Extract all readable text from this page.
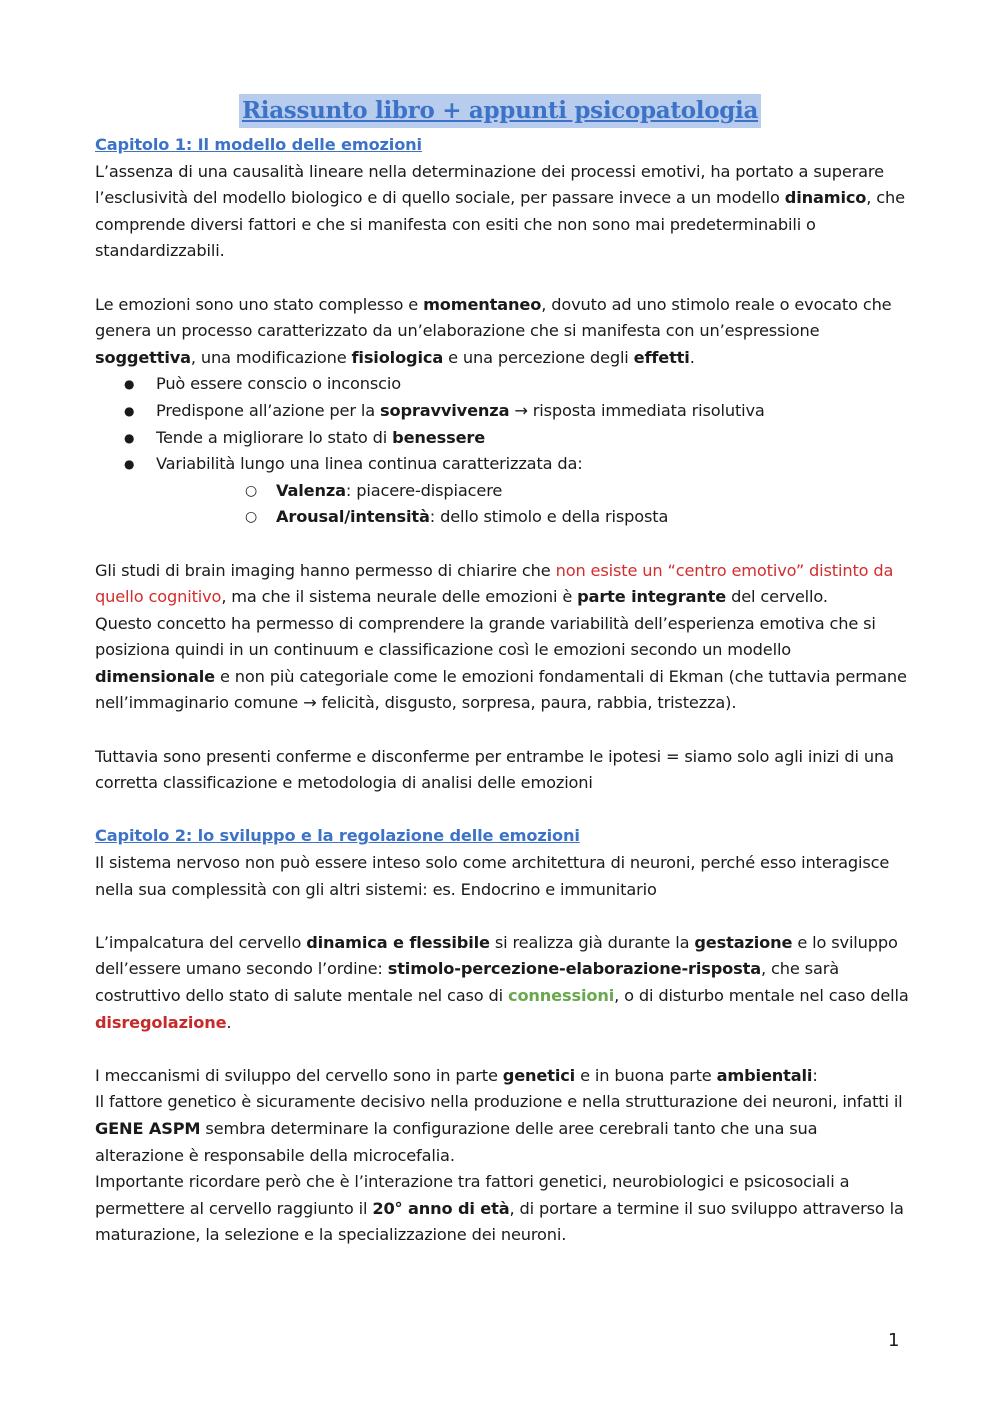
Riassunto libro + appunti psicopatologia

Capitolo 1: Il modello delle emozioni

L’assenza di una causalità lineare nella determinazione dei processi emotivi, ha portato a superare l’esclusività del modello biologico e di quello sociale, per passare invece a un modello dinamico, che comprende diversi fattori e che si manifesta con esiti che non sono mai predeterminabili o standardizzabili.

Le emozioni sono uno stato complesso e momentaneo, dovuto ad uno stimolo reale o evocato che genera un processo caratterizzato da un’elaborazione che si manifesta con un’espressione soggettiva, una modificazione fisiologica e una percezione degli effetti.

● Può essere conscio o inconscio
● Predispone all’azione per la sopravvivenza → risposta immediata risolutiva
● Tende a migliorare lo stato di benessere
● Variabilità lungo una linea continua caratterizzata da:
○ Valenza: piacere-dispiacere
○ Arousal/intensità: dello stimolo e della risposta

Gli studi di brain imaging hanno permesso di chiarire che non esiste un “centro emotivo” distinto da quello cognitivo, ma che il sistema neurale delle emozioni è parte integrante del cervello.

Questo concetto ha permesso di comprendere la grande variabilità dell’esperienza emotiva che si posiziona quindi in un continuum e classificazione così le emozioni secondo un modello dimensionale e non più categoriale come le emozioni fondamentali di Ekman (che tuttavia permane nell’immaginario comune → felicità, disgusto, sorpresa, paura, rabbia, tristezza).

Tuttavia sono presenti conferme e disconferme per entrambe le ipotesi = siamo solo agli inizi di una corretta classificazione e metodologia di analisi delle emozioni

Capitolo 2: lo sviluppo e la regolazione delle emozioni

Il sistema nervoso non può essere inteso solo come architettura di neuroni, perché esso interagisce nella sua complessità con gli altri sistemi: es. Endocrino e immunitario

L’impalcatura del cervello dinamica e flessibile si realizza già durante la gestazione e lo sviluppo dell’essere umano secondo l’ordine: stimolo-percezione-elaborazione-risposta, che sarà costruttivo dello stato di salute mentale nel caso di connessioni, o di disturbo mentale nel caso della disregolazione.

I meccanismi di sviluppo del cervello sono in parte genetici e in buona parte ambientali:

Il fattore genetico è sicuramente decisivo nella produzione e nella strutturazione dei neuroni, infatti il GENE ASPM sembra determinare la configurazione delle aree cerebrali tanto che una sua alterazione è responsabile della microcefalia.

Importante ricordare però che è l’interazione tra fattori genetici, neurobiologici e psicosociali a permettere al cervello raggiunto il 20° anno di età, di portare a termine il suo sviluppo attraverso la maturazione, la selezione e la specializzazione dei neuroni.

1
